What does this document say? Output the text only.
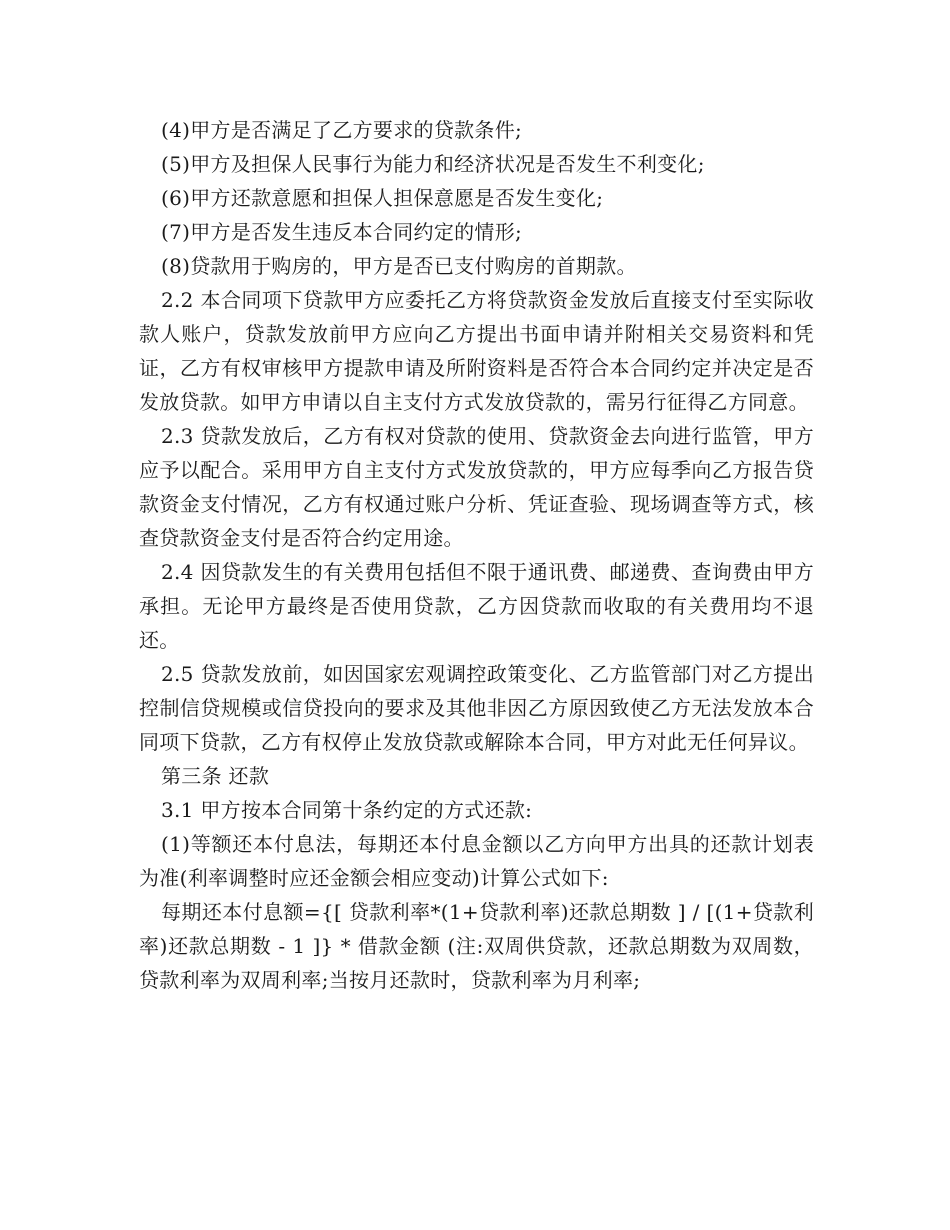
(4)甲方是否满足了乙方要求的贷款条件;

(5)甲方及担保人民事行为能力和经济状况是否发生不利变化;

(6)甲方还款意愿和担保人担保意愿是否发生变化;

(7)甲方是否发生违反本合同约定的情形;

(8)贷款用于购房的，甲方是否已支付购房的首期款。

2.2 本合同项下贷款甲方应委托乙方将贷款资金发放后直接支付至实际收款人账户，贷款发放前甲方应向乙方提出书面申请并附相关交易资料和凭证，乙方有权审核甲方提款申请及所附资料是否符合本合同约定并决定是否发放贷款。如甲方申请以自主支付方式发放贷款的，需另行征得乙方同意。

2.3 贷款发放后，乙方有权对贷款的使用、贷款资金去向进行监管，甲方应予以配合。采用甲方自主支付方式发放贷款的，甲方应每季向乙方报告贷款资金支付情况，乙方有权通过账户分析、凭证查验、现场调查等方式，核查贷款资金支付是否符合约定用途。

2.4 因贷款发生的有关费用包括但不限于通讯费、邮递费、查询费由甲方承担。无论甲方最终是否使用贷款，乙方因贷款而收取的有关费用均不退还。

2.5 贷款发放前，如因国家宏观调控政策变化、乙方监管部门对乙方提出控制信贷规模或信贷投向的要求及其他非因乙方原因致使乙方无法发放本合同项下贷款，乙方有权停止发放贷款或解除本合同，甲方对此无任何异议。

第三条 还款

3.1 甲方按本合同第十条约定的方式还款:

(1)等额还本付息法，每期还本付息金额以乙方向甲方出具的还款计划表为准(利率调整时应还金额会相应变动)计算公式如下:

每期还本付息额={[ 贷款利率*(1+贷款利率)还款总期数 ] / [(1+贷款利率)还款总期数 - 1 ]} * 借款金额 (注:双周供贷款，还款总期数为双周数，贷款利率为双周利率;当按月还款时，贷款利率为月利率;
